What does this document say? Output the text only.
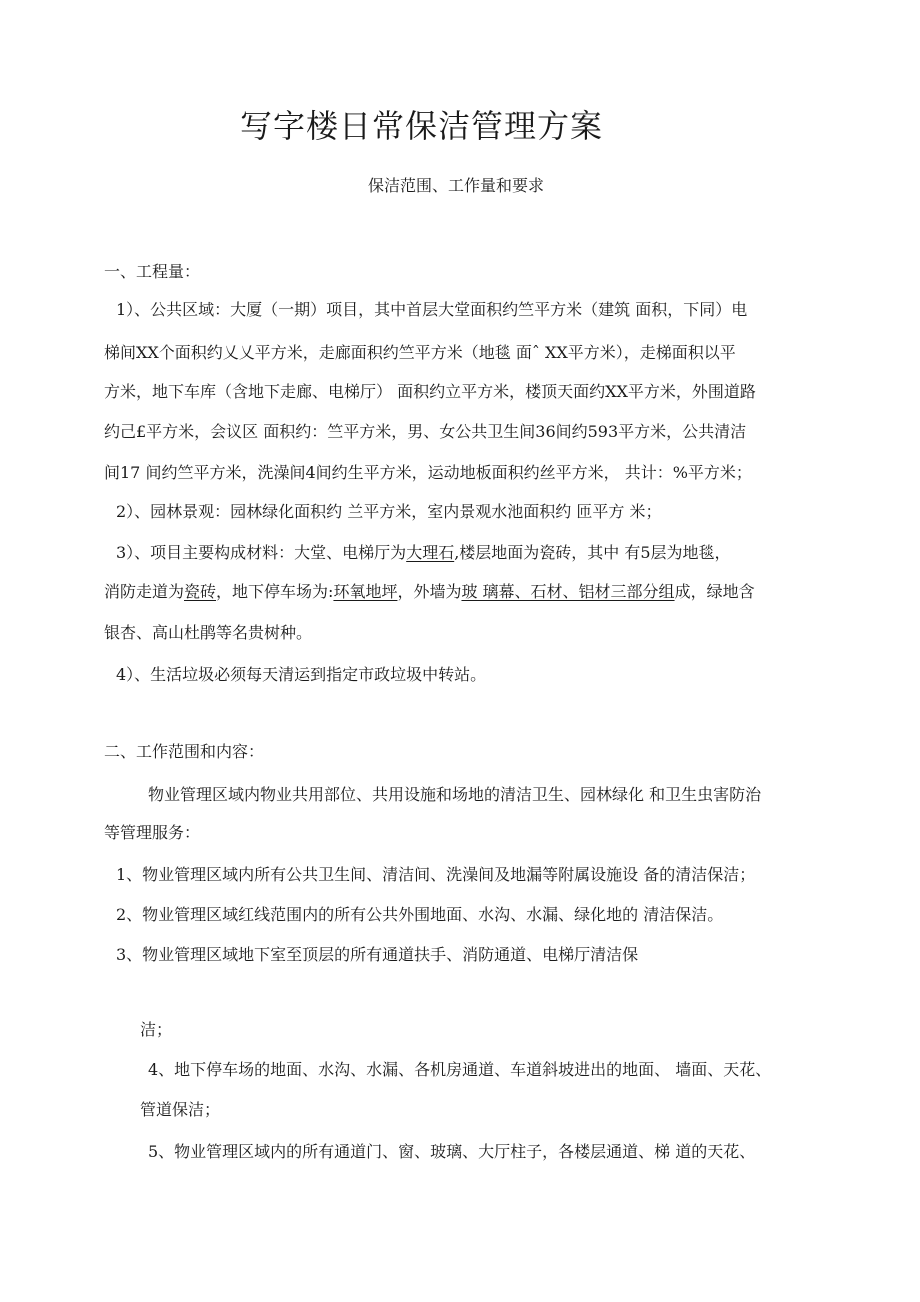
写字楼日常保洁管理方案

保洁范围、工作量和要求

一、工程量：

1）、公共区域：大厦（一期）项目，其中首层大堂面积约竺平方米（建筑 面积，下同）电

梯间XX个面积约乂乂平方米，走廊面积约竺平方米（地毯 面ˆ XX平方米），走梯面积以平

方米，地下车库（含地下走廊、电梯厅） 面积约立平方米，楼顶天面约XX平方米，外围道路

约己£平方米，会议区 面积约：竺平方米，男、女公共卫生间36间约593平方米，公共清洁

间17 间约竺平方米，洗澡间4间约生平方米，运动地板面积约丝平方米， 共计：%平方米；

2）、园林景观：园林绿化面积约 兰平方米，室内景观水池面积约 匝平方 米；

3）、项目主要构成材料：大堂、电梯厅为大理石,楼层地面为瓷砖，其中 有5层为地毯，

消防走道为瓷砖，地下停车场为:环氧地坪，外墙为玻 璃幕、石材、铝材三部分组成，绿地含

银杏、高山杜鹃等名贵树种。

4）、生活垃圾必须每天清运到指定市政垃圾中转站。

二、工作范围和内容：

物业管理区域内物业共用部位、共用设施和场地的清洁卫生、园林绿化 和卫生虫害防治

等管理服务：

1、物业管理区域内所有公共卫生间、清洁间、洗澡间及地漏等附属设施设 备的清洁保洁；

2、物业管理区域红线范围内的所有公共外围地面、水沟、水漏、绿化地的 清洁保洁。

3、物业管理区域地下室至顶层的所有通道扶手、消防通道、电梯厅清洁保

洁；

4、地下停车场的地面、水沟、水漏、各机房通道、车道斜坡进出的地面、 墙面、天花、

管道保洁；

5、物业管理区域内的所有通道门、窗、玻璃、大厅柱子，各楼层通道、梯 道的天花、
